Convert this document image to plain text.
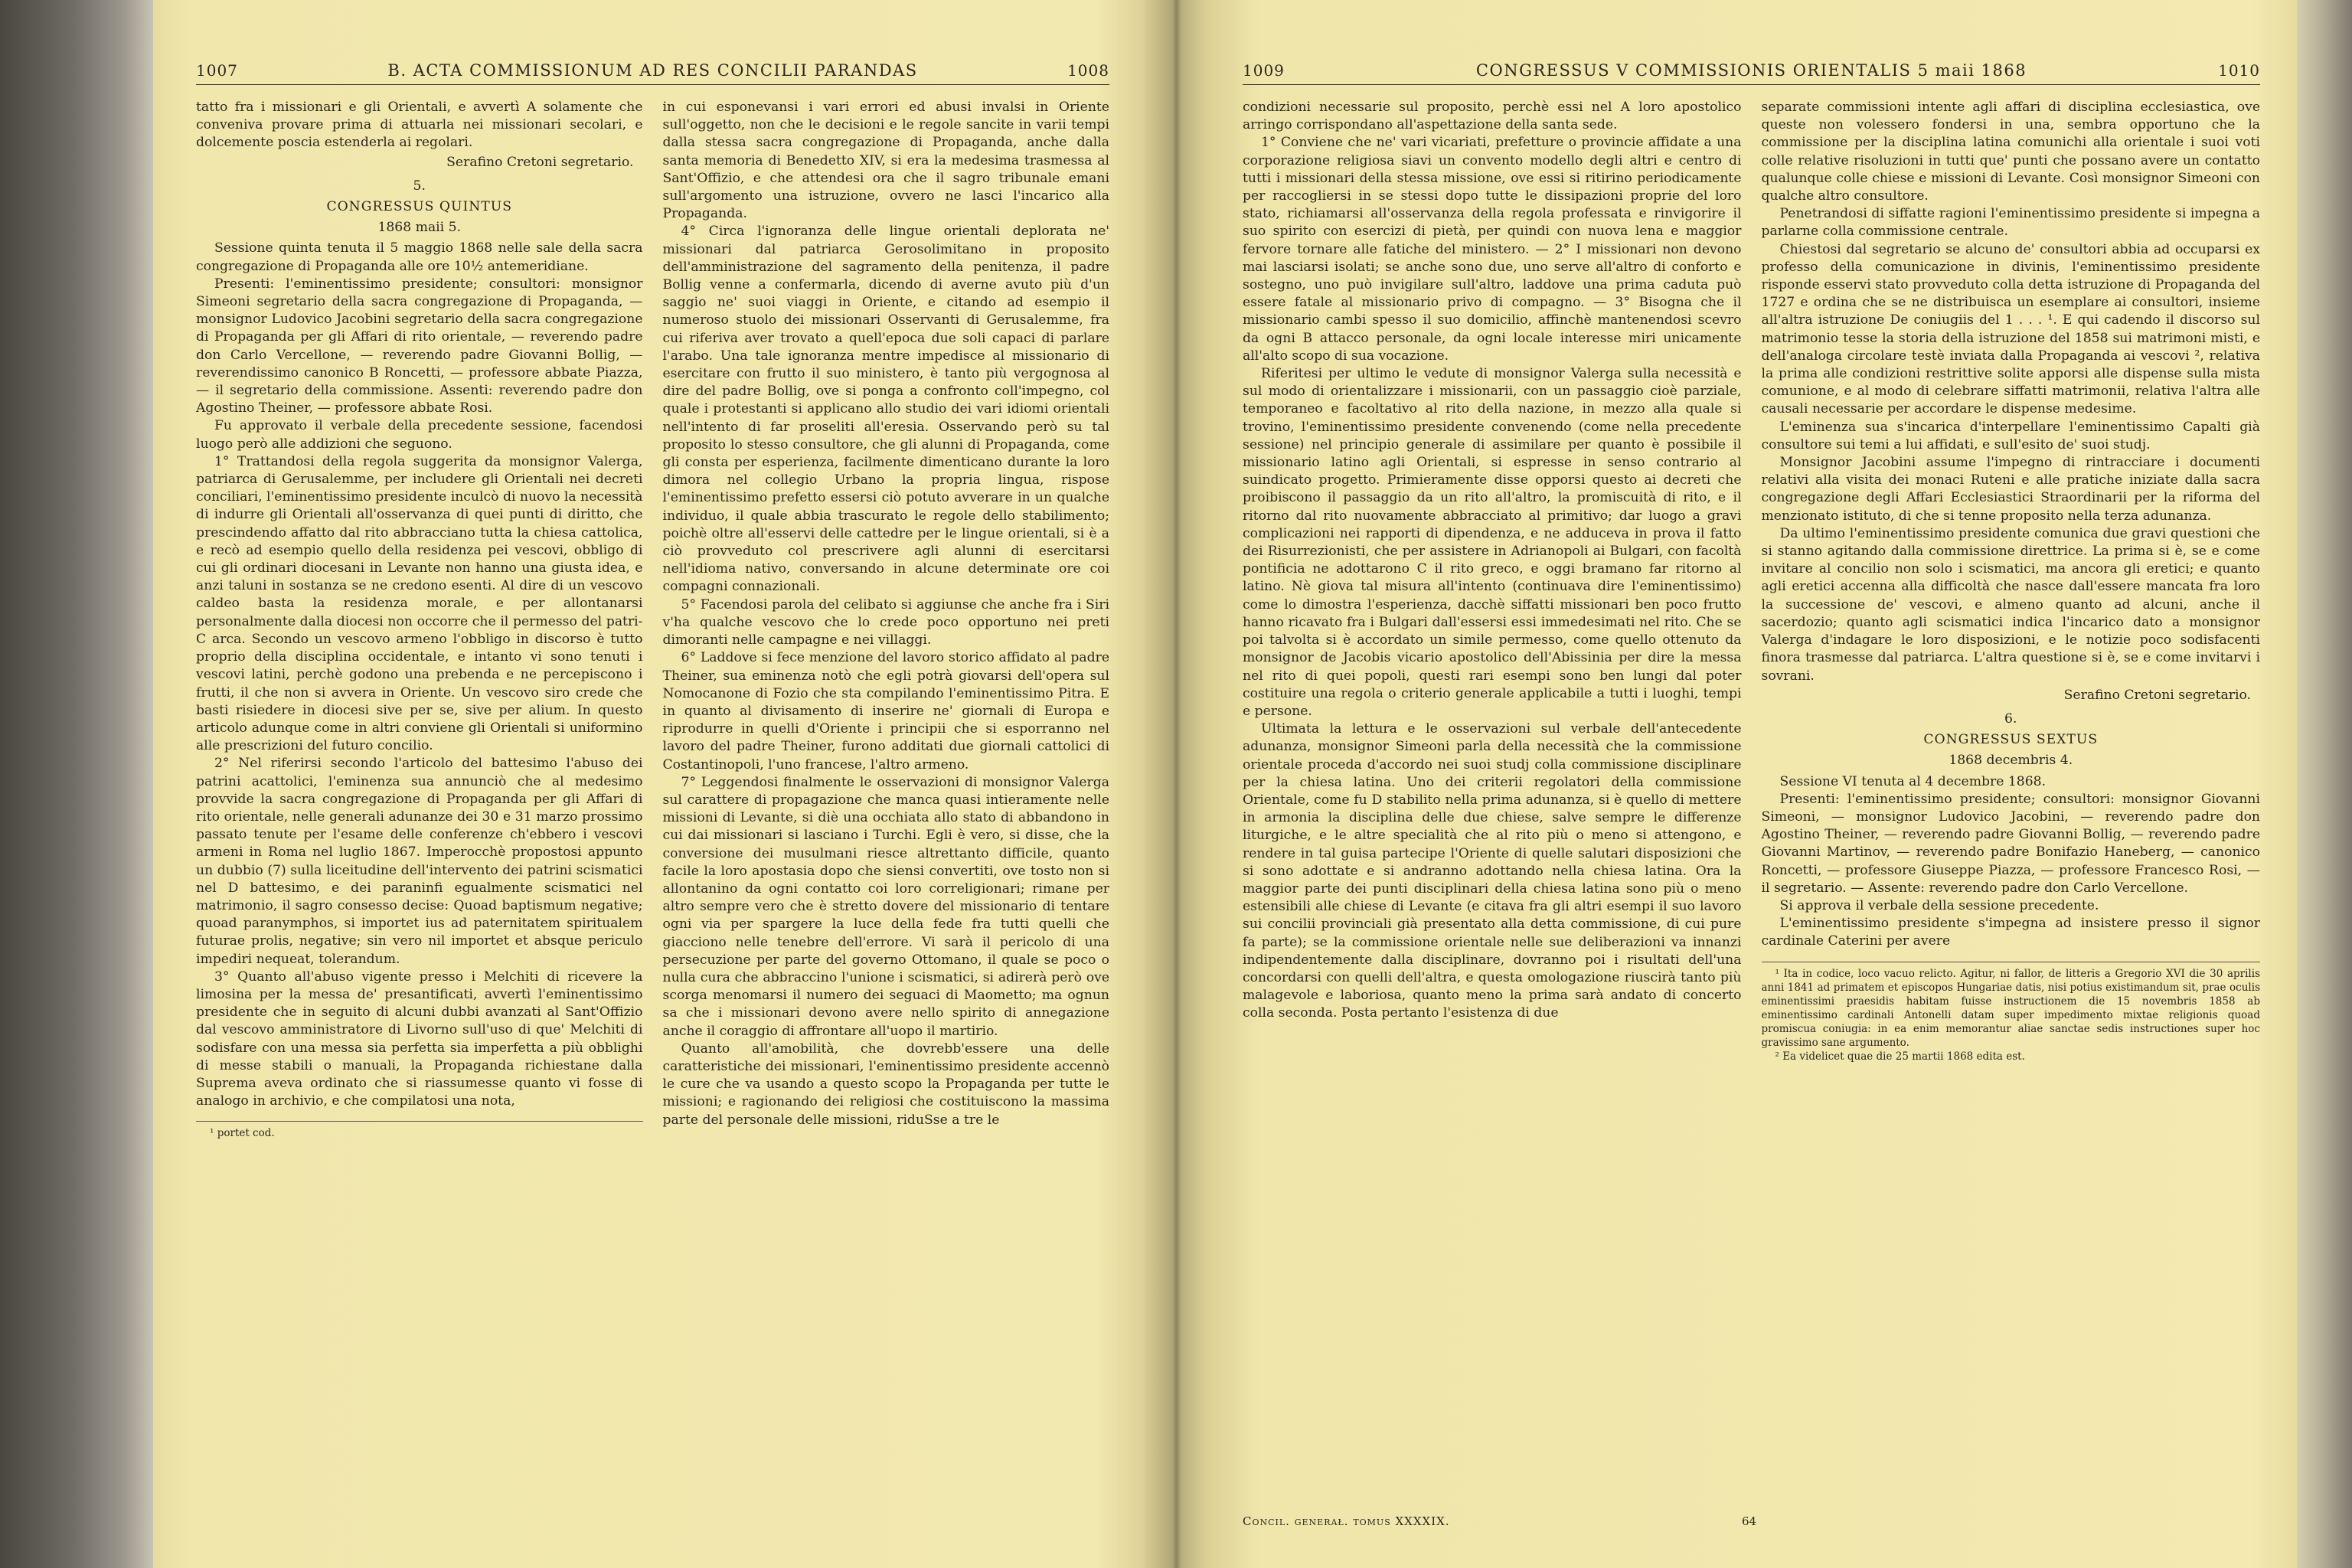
1007	B. ACTA COMMISSIONUM AD RES CONCILII PARANDAS	1008

tatto fra i missionari e gli Orientali, e avvertì A solamente che conveniva provare prima di attuarla nei missionari secolari, e dolcemente poscia estenderla ai regolari.

Serafino Cretoni segretario.

5.

CONGRESSUS QUINTUS

1868 maii 5.

Sessione quinta tenuta il 5 maggio 1868 nelle sale della sacra congregazione di Propaganda alle ore 10½ antemeridiane.

Presenti: l'eminentissimo presidente; consultori: monsignor Simeoni segretario della sacra congregazione di Propaganda, — monsignor Ludovico Jacobini segretario della sacra congregazione di Propaganda per gli Affari di rito orientale, — reverendo padre don Carlo Vercellone, — reverendo padre Giovanni Bollig, — reverendissimo canonico B Roncetti, — professore abbate Piazza, — il segretario della commissione. Assenti: reverendo padre don Agostino Theiner, — professore abbate Rosi.

Fu approvato il verbale della precedente sessione, facendosi luogo però alle addizioni che seguono.

1° Trattandosi della regola suggerita da monsignor Valerga, patriarca di Gerusalemme, per includere gli Orientali nei decreti conciliari, l'eminentissimo presidente inculcò di nuovo la necessità di indurre gli Orientali all'osservanza di quei punti di diritto, che prescindendo affatto dal rito abbracciano tutta la chiesa cattolica, e recò ad esempio quello della residenza pei vescovi, obbligo di cui gli ordinari diocesani in Levante non hanno una giusta idea, e anzi taluni in sostanza se ne credono esenti. Al dire di un vescovo caldeo basta la residenza morale, e per allontanarsi personalmente dalla diocesi non occorre che il permesso del patri- C arca. Secondo un vescovo armeno l'obbligo in discorso è tutto proprio della disciplina occidentale, e intanto vi sono tenuti i vescovi latini, perchè godono una prebenda e ne percepiscono i frutti, il che non si avvera in Oriente. Un vescovo siro crede che basti risiedere in diocesi sive per se, sive per alium. In questo articolo adunque come in altri conviene gli Orientali si uniformino alle prescrizioni del futuro concilio.

2° Nel riferirsi secondo l'articolo del battesimo l'abuso dei patrini acattolici, l'eminenza sua annunciò che al medesimo provvide la sacra congregazione di Propaganda per gli Affari di rito orientale, nelle generali adunanze dei 30 e 31 marzo prossimo passato tenute per l'esame delle conferenze ch'ebbero i vescovi armeni in Roma nel luglio 1867. Imperocchè propostosi appunto un dubbio (7) sulla liceitudine dell'intervento dei patrini scismatici nel D battesimo, e dei paraninfi egualmente scismatici nel matrimonio, il sagro consesso decise: Quoad baptismum negative; quoad paranymphos, si importet ius ad paternitatem spiritualem futurae prolis, negative; sin vero nil importet et absque periculo impediri nequeat, tolerandum.

3° Quanto all'abuso vigente presso i Melchiti di ricevere la limosina per la messa de' presantificati, avvertì l'eminentissimo presidente che in seguito di alcuni dubbi avanzati al Sant'Offizio dal vescovo amministratore di Livorno sull'uso di que' Melchiti di sodisfare con una messa sia perfetta sia imperfetta a più obblighi di messe stabili o manuali, la Propaganda richiestane dalla Suprema aveva ordinato che si riassumesse quanto vi fosse di analogo in archivio, e che compilatosi una nota,

¹ portet cod.

in cui esponevansi i vari errori ed abusi invalsi in Oriente sull'oggetto, non che le decisioni e le regole sancite in varii tempi dalla stessa sacra congregazione di Propaganda, anche dalla santa memoria di Benedetto XIV, si era la medesima trasmessa al Sant'Offizio, e che attendesi ora che il sagro tribunale emani sull'argomento una istruzione, ovvero ne lasci l'incarico alla Propaganda.

4° Circa l'ignoranza delle lingue orientali deplorata ne' missionari dal patriarca Gerosolimitano in proposito dell'amministrazione del sagramento della penitenza, il padre Bollig venne a confermarla, dicendo di averne avuto più d'un saggio ne' suoi viaggi in Oriente, e citando ad esempio il numeroso stuolo dei missionari Osservanti di Gerusalemme, fra cui riferiva aver trovato a quell'epoca due soli capaci di parlare l'arabo. Una tale ignoranza mentre impedisce al missionario di esercitare con frutto il suo ministero, è tanto più vergognosa al dire del padre Bollig, ove si ponga a confronto coll'impegno, col quale i protestanti si applicano allo studio dei vari idiomi orientali nell'intento di far proseliti all'eresia. Osservando però su tal proposito lo stesso consultore, che gli alunni di Propaganda, come gli consta per esperienza, facilmente dimenticano durante la loro dimora nel collegio Urbano la propria lingua, rispose l'eminentissimo prefetto essersi ciò potuto avverare in un qualche individuo, il quale abbia trascurato le regole dello stabilimento; poichè oltre all'esservi delle cattedre per le lingue orientali, si è a ciò provveduto col prescrivere agli alunni di esercitarsi nell'idioma nativo, conversando in alcune determinate ore coi compagni connazionali.

5° Facendosi parola del celibato si aggiunse che anche fra i Siri v'ha qualche vescovo che lo crede poco opportuno nei preti dimoranti nelle campagne e nei villaggi.

6° Laddove si fece menzione del lavoro storico affidato al padre Theiner, sua eminenza notò che egli potrà giovarsi dell'opera sul Nomocanone di Fozio che sta compilando l'eminentissimo Pitra. E in quanto al divisamento di inserire ne' giornali di Europa e riprodurre in quelli d'Oriente i principii che si esporranno nel lavoro del padre Theiner, furono additati due giornali cattolici di Costantinopoli, l'uno francese, l'altro armeno.

7° Leggendosi finalmente le osservazioni di monsignor Valerga sul carattere di propagazione che manca quasi intieramente nelle missioni di Levante, si diè una occhiata allo stato di abbandono in cui dai missionari si lasciano i Turchi. Egli è vero, si disse, che la conversione dei musulmani riesce altrettanto difficile, quanto facile la loro apostasia dopo che siensi convertiti, ove tosto non si allontanino da ogni contatto coi loro correligionari; rimane per altro sempre vero che è stretto dovere del missionario di tentare ogni via per spargere la luce della fede fra tutti quelli che giacciono nelle tenebre dell'errore. Vi sarà il pericolo di una persecuzione per parte del governo Ottomano, il quale se poco o nulla cura che abbraccino l'unione i scismatici, si adirerà però ove scorga menomarsi il numero dei seguaci di Maometto; ma ognun sa che i missionari devono avere nello spirito di annegazione anche il coraggio di affrontare all'uopo il martirio.

Quanto all'amobilità, che dovrebb'essere una delle caratteristiche dei missionari, l'eminentissimo presidente accennò le cure che va usando a questo scopo la Propaganda per tutte le missioni; e ragionando dei religiosi che costituiscono la massima parte del personale delle missioni, riduSse a tre le

1009	CONGRESSUS V COMMISSIONIS ORIENTALIS 5 maii 1868	1010

condizioni necessarie sul proposito, perchè essi nel A loro apostolico arringo corrispondano all'aspettazione della santa sede.

1° Conviene che ne' vari vicariati, prefetture o provincie affidate a una corporazione religiosa siavi un convento modello degli altri e centro di tutti i missionari della stessa missione, ove essi si ritirino periodicamente per raccogliersi in se stessi dopo tutte le dissipazioni proprie del loro stato, richiamarsi all'osservanza della regola professata e rinvigorire il suo spirito con esercizi di pietà, per quindi con nuova lena e maggior fervore tornare alle fatiche del ministero. — 2° I missionari non devono mai lasciarsi isolati; se anche sono due, uno serve all'altro di conforto e sostegno, uno può invigilare sull'altro, laddove una prima caduta può essere fatale al missionario privo di compagno. — 3° Bisogna che il missionario cambi spesso il suo domicilio, affinchè mantenendosi scevro da ogni B attacco personale, da ogni locale interesse miri unicamente all'alto scopo di sua vocazione.

Riferitesi per ultimo le vedute di monsignor Valerga sulla necessità e sul modo di orientalizzare i missionarii, con un passaggio cioè parziale, temporaneo e facoltativo al rito della nazione, in mezzo alla quale si trovino, l'eminentissimo presidente convenendo (come nella precedente sessione) nel principio generale di assimilare per quanto è possibile il missionario latino agli Orientali, si espresse in senso contrario al suindicato progetto. Primieramente disse opporsi questo ai decreti che proibiscono il passaggio da un rito all'altro, la promiscuità di rito, e il ritorno dal rito nuovamente abbracciato al primitivo; dar luogo a gravi complicazioni nei rapporti di dipendenza, e ne adduceva in prova il fatto dei Risurrezionisti, che per assistere in Adrianopoli ai Bulgari, con facoltà pontificia ne adottarono C il rito greco, e oggi bramano far ritorno al latino. Nè giova tal misura all'intento (continuava dire l'eminentissimo) come lo dimostra l'esperienza, dacchè siffatti missionari ben poco frutto hanno ricavato fra i Bulgari dall'essersi essi immedesimati nel rito. Che se poi talvolta si è accordato un simile permesso, come quello ottenuto da monsignor de Jacobis vicario apostolico dell'Abissinia per dire la messa nel rito di quei popoli, questi rari esempi sono ben lungi dal poter costituire una regola o criterio generale applicabile a tutti i luoghi, tempi e persone.

Ultimata la lettura e le osservazioni sul verbale dell'antecedente adunanza, monsignor Simeoni parla della necessità che la commissione orientale proceda d'accordo nei suoi studj colla commissione disciplinare per la chiesa latina. Uno dei criterii regolatori della commissione Orientale, come fu D stabilito nella prima adunanza, si è quello di mettere in armonia la disciplina delle due chiese, salve sempre le differenze liturgiche, e le altre specialità che al rito più o meno si attengono, e rendere in tal guisa partecipe l'Oriente di quelle salutari disposizioni che si sono adottate e si andranno adottando nella chiesa latina. Ora la maggior parte dei punti disciplinari della chiesa latina sono più o meno estensibili alle chiese di Levante (e citava fra gli altri esempi il suo lavoro sui concilii provinciali già presentato alla detta commissione, di cui pure fa parte); se la commissione orientale nelle sue deliberazioni va innanzi indipendentemente dalla disciplinare, dovranno poi i risultati dell'una concordarsi con quelli dell'altra, e questa omologazione riuscirà tanto più malagevole e laboriosa, quanto meno la prima sarà andato di concerto colla seconda. Posta pertanto l'esistenza di due

separate commissioni intente agli affari di disciplina ecclesiastica, ove queste non volessero fondersi in una, sembra opportuno che la commissione per la disciplina latina comunichi alla orientale i suoi voti colle relative risoluzioni in tutti que' punti che possano avere un contatto qualunque colle chiese e missioni di Levante. Così monsignor Simeoni con qualche altro consultore.

Penetrandosi di siffatte ragioni l'eminentissimo presidente si impegna a parlarne colla commissione centrale.

Chiestosi dal segretario se alcuno de' consultori abbia ad occuparsi ex professo della comunicazione in divinis, l'eminentissimo presidente risponde esservi stato provveduto colla detta istruzione di Propaganda del 1727 e ordina che se ne distribuisca un esemplare ai consultori, insieme all'altra istruzione De coniugiis del 1 . . . ¹. E qui cadendo il discorso sul matrimonio tesse la storia della istruzione del 1858 sui matrimoni misti, e dell'analoga circolare testè inviata dalla Propaganda ai vescovi ², relativa la prima alle condizioni restrittive solite apporsi alle dispense sulla mista comunione, e al modo di celebrare siffatti matrimonii, relativa l'altra alle causali necessarie per accordare le dispense medesime.

L'eminenza sua s'incarica d'interpellare l'eminentissimo Capalti già consultore sui temi a lui affidati, e sull'esito de' suoi studj.

Monsignor Jacobini assume l'impegno di rintracciare i documenti relativi alla visita dei monaci Ruteni e alle pratiche iniziate dalla sacra congregazione degli Affari Ecclesiastici Straordinarii per la riforma del menzionato istituto, di che si tenne proposito nella terza adunanza.

Da ultimo l'eminentissimo presidente comunica due gravi questioni che si stanno agitando dalla commissione direttrice. La prima si è, se e come invitare al concilio non solo i scismatici, ma ancora gli eretici; e quanto agli eretici accenna alla difficoltà che nasce dall'essere mancata fra loro la successione de' vescovi, e almeno quanto ad alcuni, anche il sacerdozio; quanto agli scismatici indica l'incarico dato a monsignor Valerga d'indagare le loro disposizioni, e le notizie poco sodisfacenti finora trasmesse dal patriarca. L'altra questione si è, se e come invitarvi i sovrani.

Serafino Cretoni segretario.

6.

CONGRESSUS SEXTUS

1868 decembris 4.

Sessione VI tenuta al 4 decembre 1868.

Presenti: l'eminentissimo presidente; consultori: monsignor Giovanni Simeoni, — monsignor Ludovico Jacobini, — reverendo padre don Agostino Theiner, — reverendo padre Giovanni Bollig, — reverendo padre Giovanni Martinov, — reverendo padre Bonifazio Haneberg, — canonico Roncetti, — professore Giuseppe Piazza, — professore Francesco Rosi, — il segretario. — Assente: reverendo padre don Carlo Vercellone.

Si approva il verbale della sessione precedente.

L'eminentissimo presidente s'impegna ad insistere presso il signor cardinale Caterini per avere

¹ Ita in codice, loco vacuo relicto. Agitur, ni fallor, de litteris a Gregorio XVI die 30 aprilis anni 1841 ad primatem et episcopos Hungariae datis, nisi potius existimandum sit, prae oculis eminentissimi praesidis habitam fuisse instructionem die 15 novembris 1858 ab eminentissimo cardinali Antonelli datam super impedimento mixtae religionis quoad promiscua coniugia: in ea enim memorantur aliae sanctae sedis instructiones super hoc gravissimo sane argumento.

² Ea videlicet quae die 25 martii 1868 edita est.

Concil. generał. tomus XXXXIX.	64
